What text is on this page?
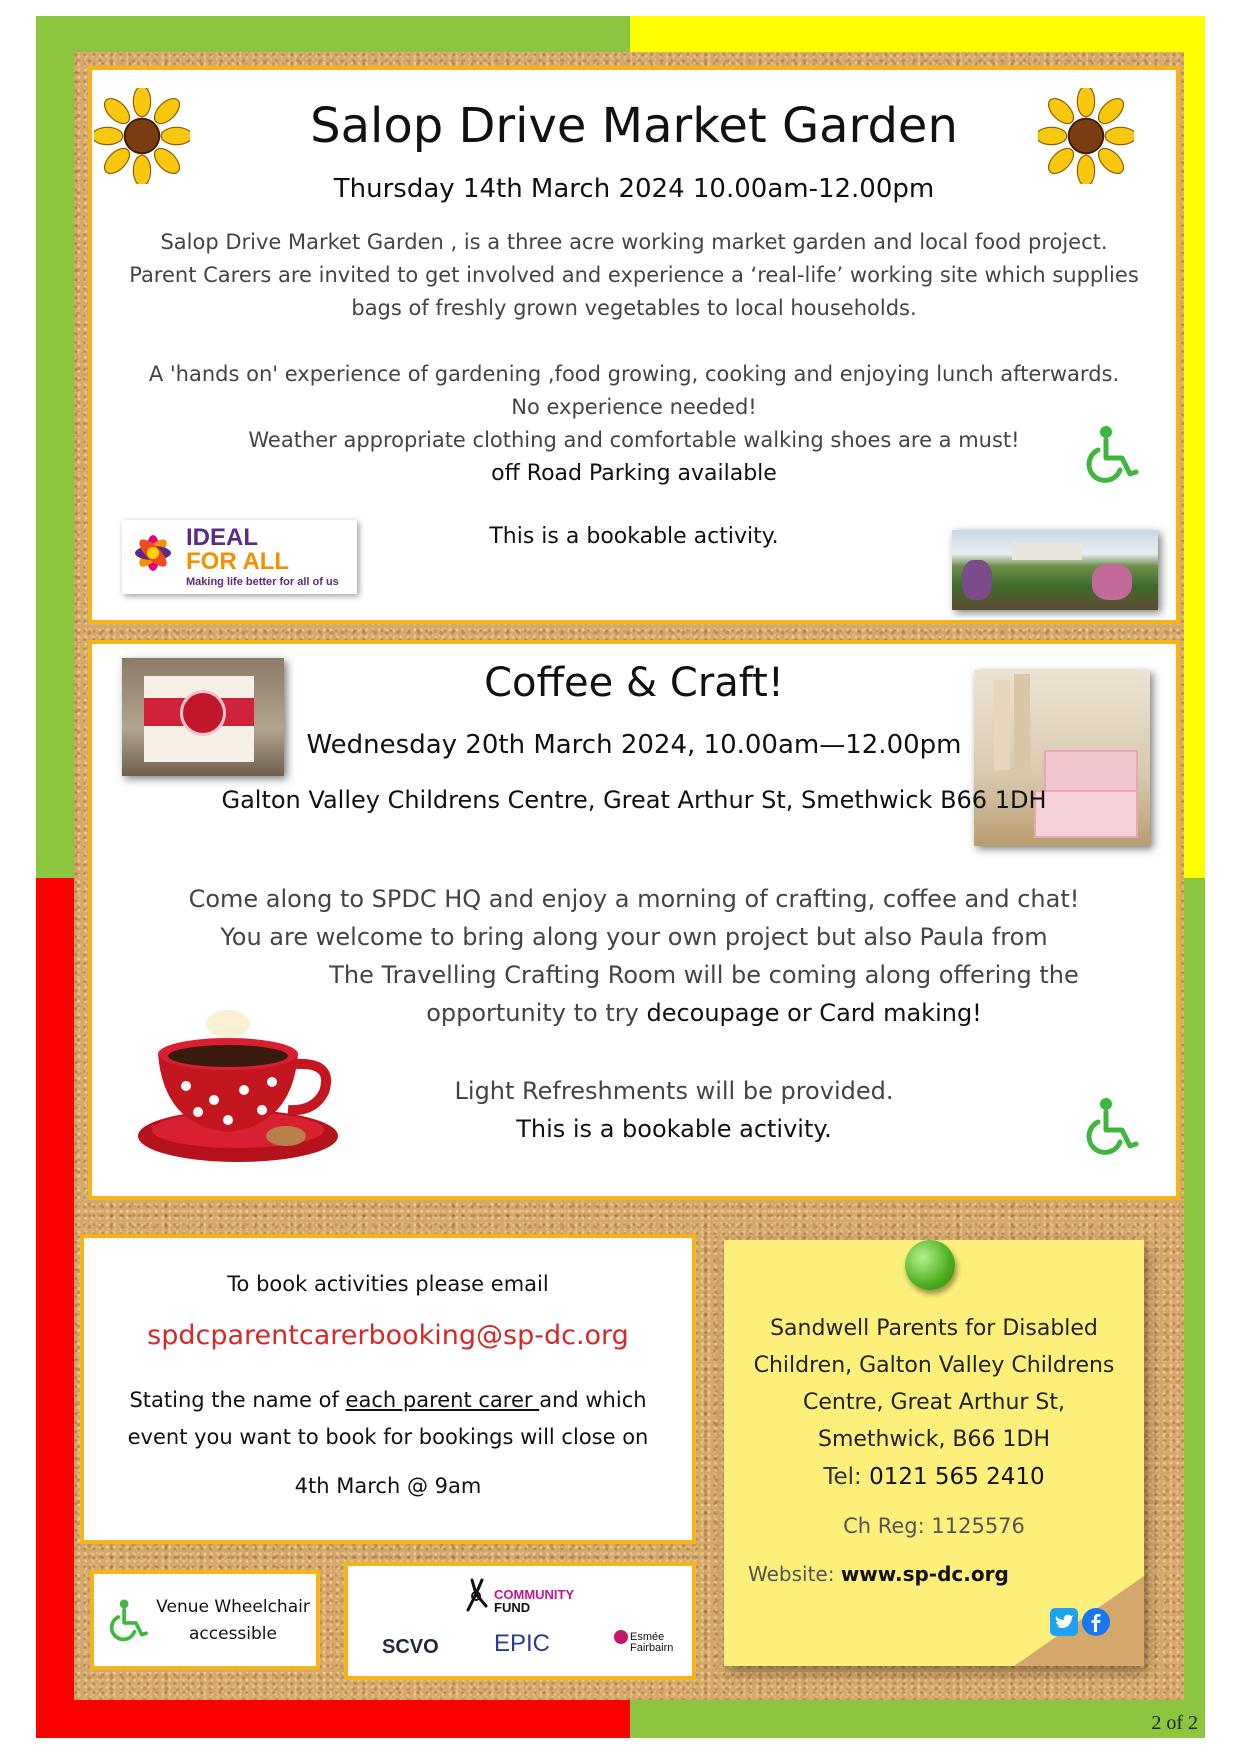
Salop Drive Market Garden
Thursday 14th March 2024 10.00am-12.00pm
Salop Drive Market Garden , is a three acre working market garden and local food project.
Parent Carers are invited to get involved and experience a ‘real-life’ working site which supplies
bags of freshly grown vegetables to local households.
A 'hands on' experience of gardening ,food growing, cooking and enjoying lunch afterwards.
No experience needed!
Weather appropriate clothing and comfortable walking shoes are a must!
off Road Parking available
This is a bookable activity.
IDEAL
FOR ALL
Making life better for all of us
Coffee & Craft!
Wednesday 20th March 2024, 10.00am—12.00pm
Galton Valley Childrens Centre, Great Arthur St, Smethwick B66 1DH
Come along to SPDC HQ and enjoy a morning of crafting, coffee and chat!
You are welcome to bring along your own project but also Paula from
The Travelling Crafting Room will be coming along offering the
opportunity to try decoupage or Card making!
Light Refreshments will be provided.
This is a bookable activity.
To book activities please email
spdcparentcarerbooking@sp-dc.org
Stating the name of each parent carer and which
event you want to book for bookings will close on
4th March @ 9am
Venue Wheelchair
accessible
COMMUNITY
FUND
SCVO EPIC	Esmée
Fairbairn
Sandwell Parents for Disabled
Children, Galton Valley Childrens
Centre, Great Arthur St,
Smethwick, B66 1DH
Tel: 0121 565 2410
Ch Reg: 1125576
Website: www.sp-dc.org
2 of 2
